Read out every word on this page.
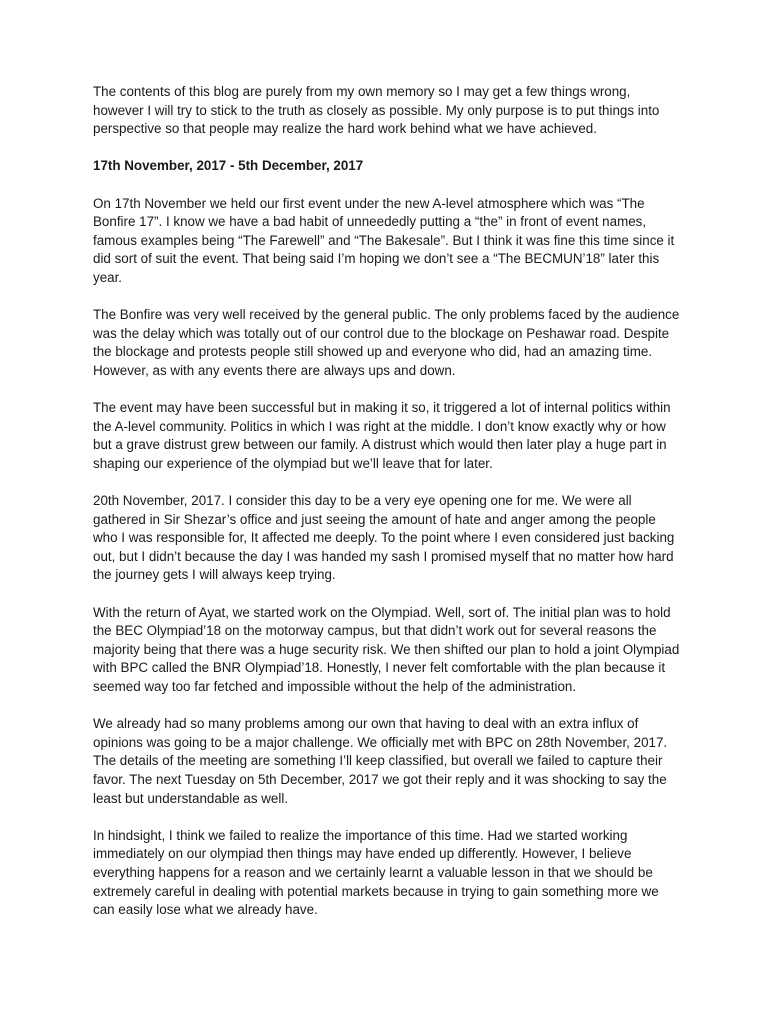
The contents of this blog are purely from my own memory so I may get a few things wrong, however I will try to stick to the truth as closely as possible. My only purpose is to put things into perspective so that people may realize the hard work behind what we have achieved.

17th November, 2017 - 5th December, 2017

On 17th November we held our first event under the new A-level atmosphere which was “The Bonfire 17”. I know we have a bad habit of unneededly putting a “the” in front of event names, famous examples being “The Farewell” and “The Bakesale”. But I think it was fine this time since it did sort of suit the event. That being said I’m hoping we don’t see a “The BECMUN’18” later this year.

The Bonfire was very well received by the general public. The only problems faced by the audience was the delay which was totally out of our control due to the blockage on Peshawar road. Despite the blockage and protests people still showed up and everyone who did, had an amazing time. However, as with any events there are always ups and down.

The event may have been successful but in making it so, it triggered a lot of internal politics within the A-level community. Politics in which I was right at the middle. I don’t know exactly why or how but a grave distrust grew between our family. A distrust which would then later play a huge part in shaping our experience of the olympiad but we’ll leave that for later.

20th November, 2017. I consider this day to be a very eye opening one for me. We were all gathered in Sir Shezar’s office and just seeing the amount of hate and anger among the people who I was responsible for, It affected me deeply. To the point where I even considered just backing out, but I didn’t because the day I was handed my sash I promised myself that no matter how hard the journey gets I will always keep trying.

With the return of Ayat, we started work on the Olympiad. Well, sort of. The initial plan was to hold the BEC Olympiad’18 on the motorway campus, but that didn’t work out for several reasons the majority being that there was a huge security risk. We then shifted our plan to hold a joint Olympiad with BPC called the BNR Olympiad’18. Honestly, I never felt comfortable with the plan because it seemed way too far fetched and impossible without the help of the administration.

We already had so many problems among our own that having to deal with an extra influx of opinions was going to be a major challenge. We officially met with BPC on 28th November, 2017. The details of the meeting are something I’ll keep classified, but overall we failed to capture their favor. The next Tuesday on 5th December, 2017 we got their reply and it was shocking to say the least but understandable as well.

In hindsight, I think we failed to realize the importance of this time. Had we started working immediately on our olympiad then things may have ended up differently. However, I believe everything happens for a reason and we certainly learnt a valuable lesson in that we should be extremely careful in dealing with potential markets because in trying to gain something more we can easily lose what we already have.
